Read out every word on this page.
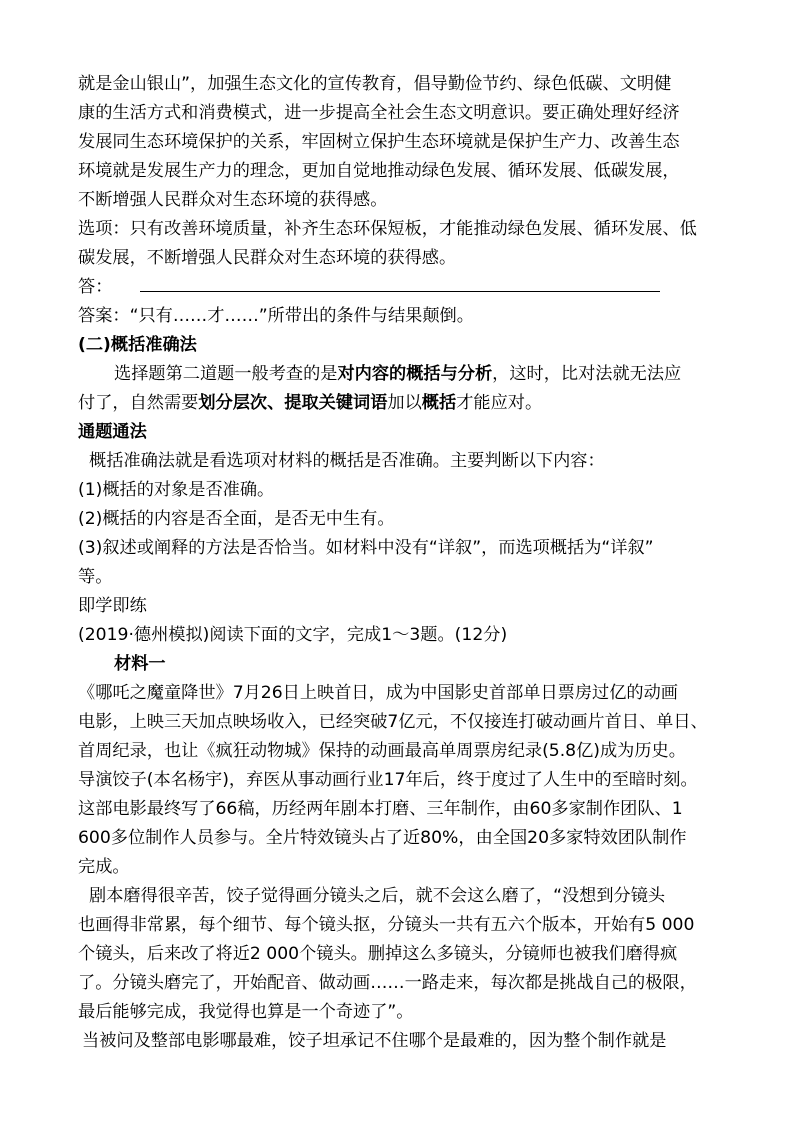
就是金山银山”，加强生态文化的宣传教育，倡导勤俭节约、绿色低碳、文明健
康的生活方式和消费模式，进一步提高全社会生态文明意识。要正确处理好经济
发展同生态环境保护的关系，牢固树立保护生态环境就是保护生产力、改善生态
环境就是发展生产力的理念，更加自觉地推动绿色发展、循环发展、低碳发展，
不断增强人民群众对生态环境的获得感。
选项：只有改善环境质量，补齐生态环保短板，才能推动绿色发展、循环发展、低
碳发展，不断增强人民群众对生态环境的获得感。
答：
答案：“只有……才……”所带出的条件与结果颠倒。
(二)概括准确法
选择题第二道题一般考查的是对内容的概括与分析，这时，比对法就无法应
付了，自然需要划分层次、提取关键词语加以概括才能应对。
通题通法
概括准确法就是看选项对材料的概括是否准确。主要判断以下内容：
(1)概括的对象是否准确。
(2)概括的内容是否全面，是否无中生有。
(3)叙述或阐释的方法是否恰当。如材料中没有“详叙”，而选项概括为“详叙”
等。
即学即练
(2019·德州模拟)阅读下面的文字，完成1～3题。(12分)
材料一
《哪吒之魔童降世》7月26日上映首日，成为中国影史首部单日票房过亿的动画
电影，上映三天加点映场收入，已经突破7亿元，不仅接连打破动画片首日、单日、
首周纪录，也让《疯狂动物城》保持的动画最高单周票房纪录(5.8亿)成为历史。
导演饺子(本名杨宇)，弃医从事动画行业17年后，终于度过了人生中的至暗时刻。
这部电影最终写了66稿，历经两年剧本打磨、三年制作，由60多家制作团队、1
600多位制作人员参与。全片特效镜头占了近80%，由全国20多家特效团队制作
完成。
剧本磨得很辛苦，饺子觉得画分镜头之后，就不会这么磨了，“没想到分镜头
也画得非常累，每个细节、每个镜头抠，分镜头一共有五六个版本，开始有5 000
个镜头，后来改了将近2 000个镜头。删掉这么多镜头，分镜师也被我们磨得疯
了。分镜头磨完了，开始配音、做动画……一路走来，每次都是挑战自己的极限，
最后能够完成，我觉得也算是一个奇迹了”。
当被问及整部电影哪最难，饺子坦承记不住哪个是最难的，因为整个制作就是
